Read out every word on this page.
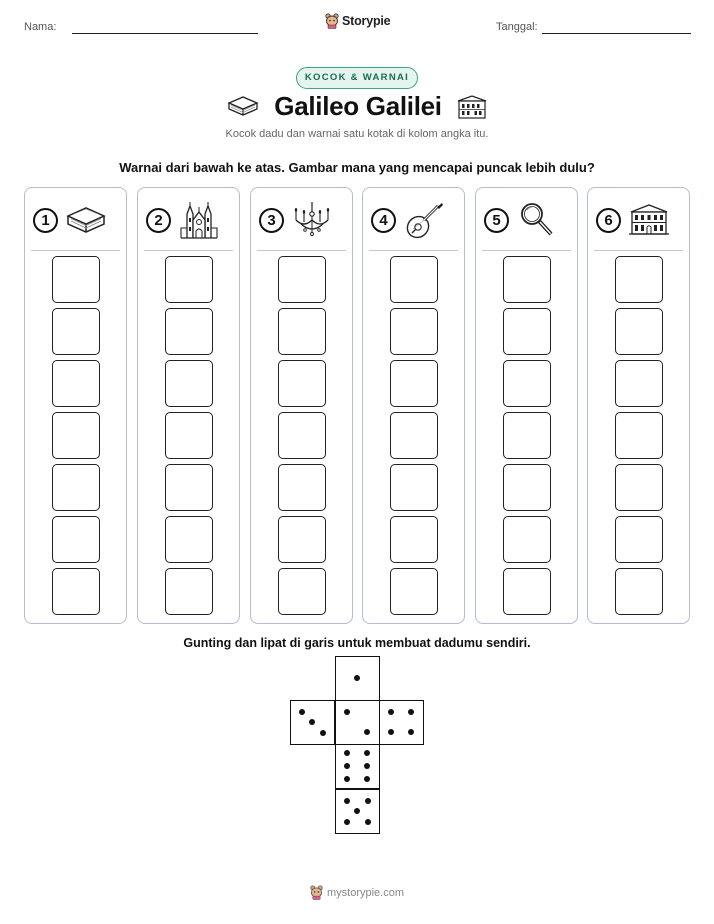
Nama:	Storypie	Tanggal:
KOCOK & WARNAI
Galileo Galilei
Kocok dadu dan warnai satu kotak di kolom angka itu.
Warnai dari bawah ke atas. Gambar mana yang mencapai puncak lebih dulu?
1	2	3	4	5	6
Gunting dan lipat di garis untuk membuat dadumu sendiri.
mystorypie.com
